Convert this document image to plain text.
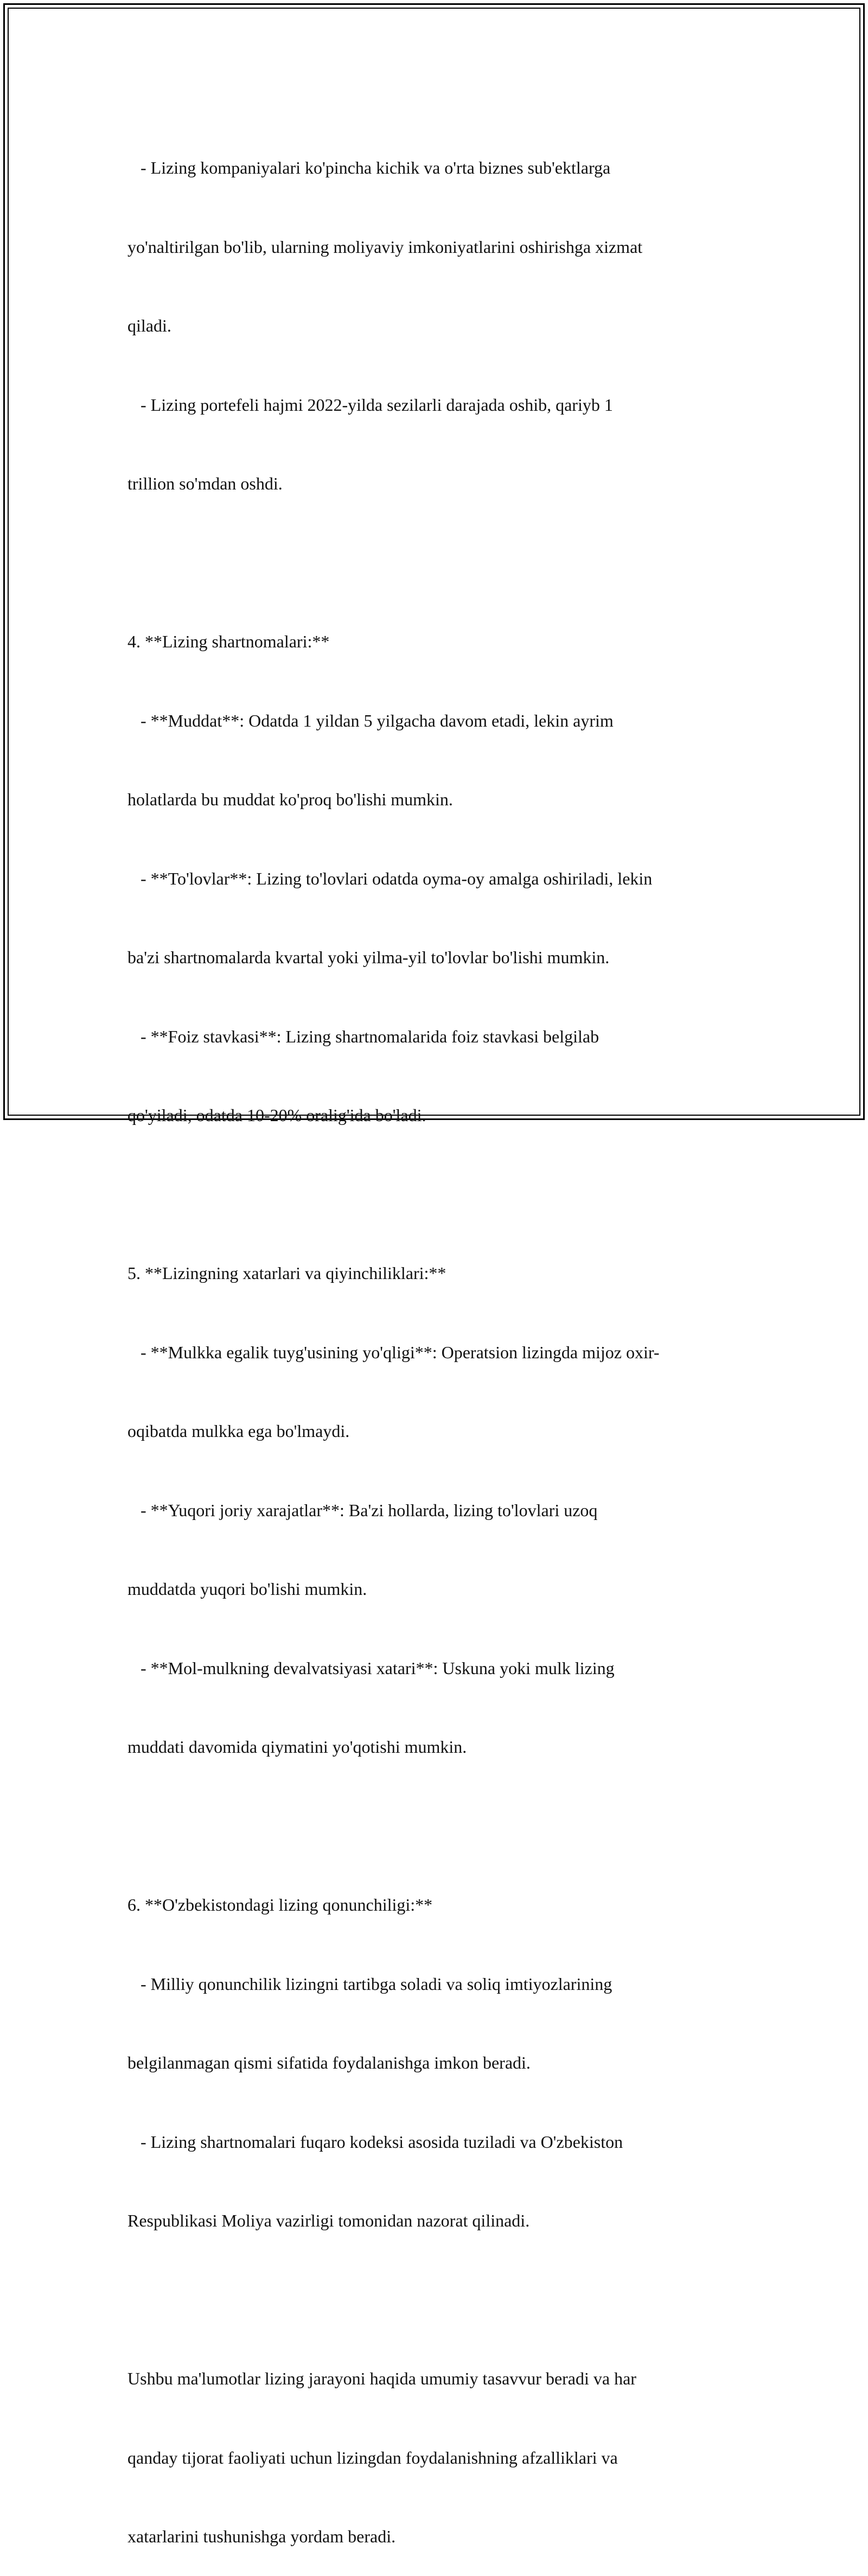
- Lizing kompaniyalari ko'pincha kichik va o'rta biznes sub'ektlarga

yo'naltirilgan bo'lib, ularning moliyaviy imkoniyatlarini oshirishga xizmat

qiladi.

- Lizing portefeli hajmi 2022-yilda sezilarli darajada oshib, qariyb 1

trillion so'mdan oshdi.

4. **Lizing shartnomalari:**

- **Muddat**: Odatda 1 yildan 5 yilgacha davom etadi, lekin ayrim

holatlarda bu muddat ko'proq bo'lishi mumkin.

- **To'lovlar**: Lizing to'lovlari odatda oyma-oy amalga oshiriladi, lekin

ba'zi shartnomalarda kvartal yoki yilma-yil to'lovlar bo'lishi mumkin.

- **Foiz stavkasi**: Lizing shartnomalarida foiz stavkasi belgilab

qo'yiladi, odatda 10-20% oralig'ida bo'ladi.

5. **Lizingning xatarlari va qiyinchiliklari:**

- **Mulkka egalik tuyg'usining yo'qligi**: Operatsion lizingda mijoz oxir-

oqibatda mulkka ega bo'lmaydi.

- **Yuqori joriy xarajatlar**: Ba'zi hollarda, lizing to'lovlari uzoq

muddatda yuqori bo'lishi mumkin.

- **Mol-mulkning devalvatsiyasi xatari**: Uskuna yoki mulk lizing

muddati davomida qiymatini yo'qotishi mumkin.

6. **O'zbekistondagi lizing qonunchiligi:**

- Milliy qonunchilik lizingni tartibga soladi va soliq imtiyozlarining

belgilanmagan qismi sifatida foydalanishga imkon beradi.

- Lizing shartnomalari fuqaro kodeksi asosida tuziladi va O'zbekiston

Respublikasi Moliya vazirligi tomonidan nazorat qilinadi.

Ushbu ma'lumotlar lizing jarayoni haqida umumiy tasavvur beradi va har

qanday tijorat faoliyati uchun lizingdan foydalanishning afzalliklari va

xatarlarini tushunishga yordam beradi.
